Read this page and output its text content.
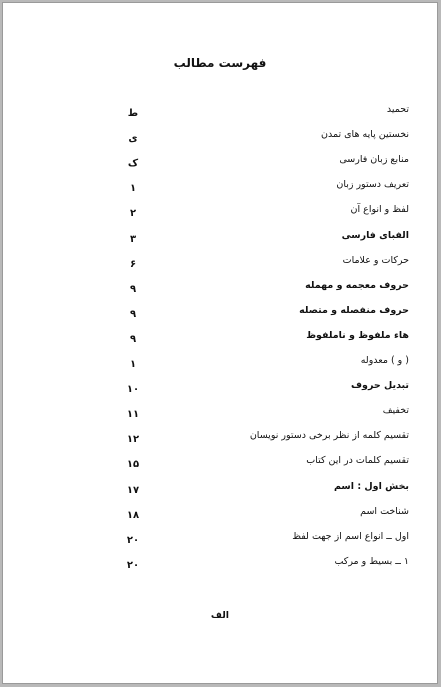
فهرست مطالب
تحمید
ط
نخستین پایه های تمدن
ی
منابع زبان فارسی
ک
تعریف دستور زبان
۱
لفظ و انواع آن
۲
الفبای فارسی
۳
حرکات و علامات
۶
حروف معجمه و مهمله
۹
حروف منفصله و متصله
۹
هاء ملفوظ و ناملفوظ
۹
( و ) معدوله
۱
تبدیل حروف
۱۰
تخفیف
۱۱
تقسیم کلمه از نظر برخی دستور نویسان
۱۲
تقسیم کلمات در این کتاب
۱۵
بخش اول : اسم
۱۷
شناخت اسم
۱۸
اول ــ انواع اسم از جهت لفظ
۲۰
۱ ــ بسیط و مرکب
۲۰
الف
